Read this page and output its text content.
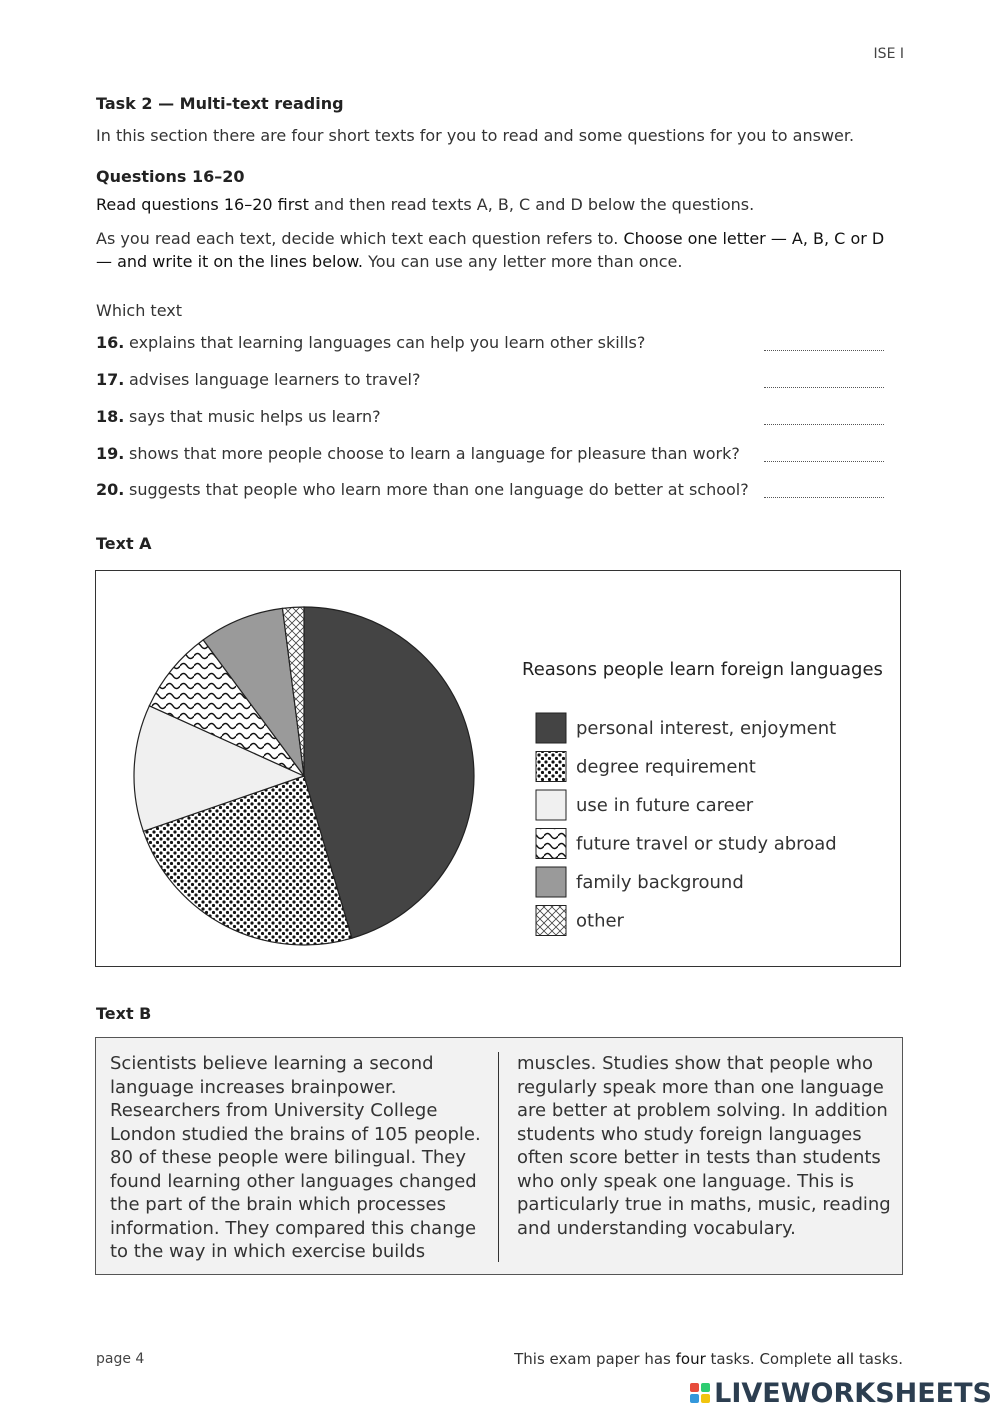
ISE I
Task 2 — Multi-text reading
In this section there are four short texts for you to read and some questions for you to answer.
Questions 16–20
Read questions 16–20 first and then read texts A, B, C and D below the questions.
As you read each text, decide which text each question refers to. Choose one letter — A, B, C or D — and write it on the lines below. You can use any letter more than once.
Which text
16. explains that learning languages can help you learn other skills?
17. advises language learners to travel?
18. says that music helps us learn?
19. shows that more people choose to learn a language for pleasure than work?
20. suggests that people who learn more than one language do better at school?
Text A
Reasons people learn foreign languages
personal interest, enjoyment
degree requirement
use in future career
future travel or study abroad
family background
other
Text B
Scientists believe learning a second language increases brainpower. Researchers from University College London studied the brains of 105 people. 80 of these people were bilingual. They found learning other languages changed the part of the brain which processes information. They compared this change to the way in which exercise builds
muscles. Studies show that people who regularly speak more than one language are better at problem solving. In addition students who study foreign languages often score better in tests than students who only speak one language. This is particularly true in maths, music, reading and understanding vocabulary.
page 4	This exam paper has four tasks. Complete all tasks.
LIVEWORKSHEETS
